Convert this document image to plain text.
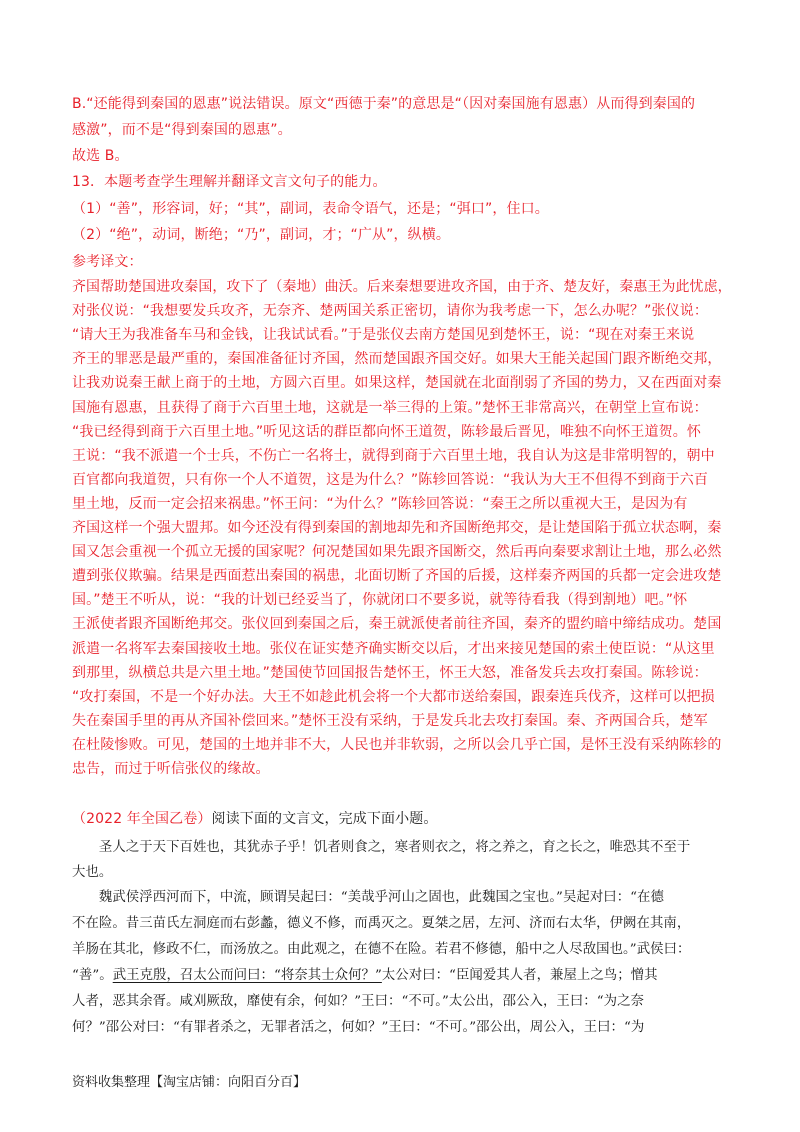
B.“还能得到秦国的恩惠”说法错误。原文“西德于秦”的意思是“（因对秦国施有恩惠）从而得到秦国的
感激”，而不是“得到秦国的恩惠”。
故选 B。
13．本题考查学生理解并翻译文言文句子的能力。
（1）“善”，形容词，好；“其”，副词，表命令语气，还是；“弭口”，住口。
（2）“绝”，动词，断绝；“乃”，副词，才；“广从”，纵横。
参考译文：
齐国帮助楚国进攻秦国，攻下了（秦地）曲沃。后来秦想要进攻齐国，由于齐、楚友好，秦惠王为此忧虑，
对张仪说：“我想要发兵攻齐，无奈齐、楚两国关系正密切，请你为我考虑一下，怎么办呢？”张仪说：
“请大王为我准备车马和金钱，让我试试看。”于是张仪去南方楚国见到楚怀王，说：“现在对秦王来说
齐王的罪恶是最严重的，秦国准备征讨齐国，然而楚国跟齐国交好。如果大王能关起国门跟齐断绝交邦，
让我劝说秦王献上商于的土地，方圆六百里。如果这样，楚国就在北面削弱了齐国的势力，又在西面对秦
国施有恩惠，且获得了商于六百里土地，这就是一举三得的上策。”楚怀王非常高兴，在朝堂上宣布说：
“我已经得到商于六百里土地。”听见这话的群臣都向怀王道贺，陈轸最后晋见，唯独不向怀王道贺。怀
王说：“我不派遣一个士兵，不伤亡一名将士，就得到商于六百里土地，我自认为这是非常明智的，朝中
百官都向我道贺，只有你一个人不道贺，这是为什么？”陈轸回答说：“我认为大王不但得不到商于六百
里土地，反而一定会招来祸患。”怀王问：“为什么？”陈轸回答说：“秦王之所以重视大王，是因为有
齐国这样一个强大盟邦。如今还没有得到秦国的割地却先和齐国断绝邦交，是让楚国陷于孤立状态啊，秦
国又怎会重视一个孤立无援的国家呢？何况楚国如果先跟齐国断交，然后再向秦要求割让土地，那么必然
遭到张仪欺骗。结果是西面惹出秦国的祸患，北面切断了齐国的后援，这样秦齐两国的兵都一定会进攻楚
国。”楚王不听从，说：“我的计划已经妥当了，你就闭口不要多说，就等待看我（得到割地）吧。”怀
王派使者跟齐国断绝邦交。张仪回到秦国之后，秦王就派使者前往齐国，秦齐的盟约暗中缔结成功。楚国
派遣一名将军去秦国接收土地。张仪在证实楚齐确实断交以后，才出来接见楚国的索土使臣说：“从这里
到那里，纵横总共是六里土地。”楚国使节回国报告楚怀王，怀王大怒，准备发兵去攻打秦国。陈轸说：
“攻打秦国，不是一个好办法。大王不如趁此机会将一个大都市送给秦国，跟秦连兵伐齐，这样可以把损
失在秦国手里的再从齐国补偿回来。”楚怀王没有采纳，于是发兵北去攻打秦国。秦、齐两国合兵，楚军
在杜陵惨败。可见，楚国的土地并非不大，人民也并非软弱，之所以会几乎亡国，是怀王没有采纳陈轸的
忠告，而过于听信张仪的缘故。
（2022 年全国乙卷）阅读下面的文言文，完成下面小题。
　　圣人之于天下百姓也，其犹赤子乎！饥者则食之，寒者则衣之，将之养之，育之长之，唯恐其不至于
大也。
　　魏武侯浮西河而下，中流，顾谓吴起曰：“美哉乎河山之固也，此魏国之宝也。”吴起对曰：“在德
不在险。昔三苗氏左洞庭而右彭蠡，德义不修，而禹灭之。夏桀之居，左河、济而右太华，伊阙在其南，
羊肠在其北，修政不仁，而汤放之。由此观之，在德不在险。若君不修德，船中之人尽敌国也。”武侯曰：
“善”。武王克殷，召太公而问曰：“将奈其士众何？”太公对曰：“臣闻爱其人者，兼屋上之鸟；憎其
人者，恶其余胥。咸刈厥敌，靡使有余，何如？”王曰：“不可。”太公出，邵公入，王曰：“为之奈
何？”邵公对曰：“有罪者杀之，无罪者活之，何如？”王曰：“不可。”邵公出，周公入，王曰：“为
资料收集整理【淘宝店铺：向阳百分百】
